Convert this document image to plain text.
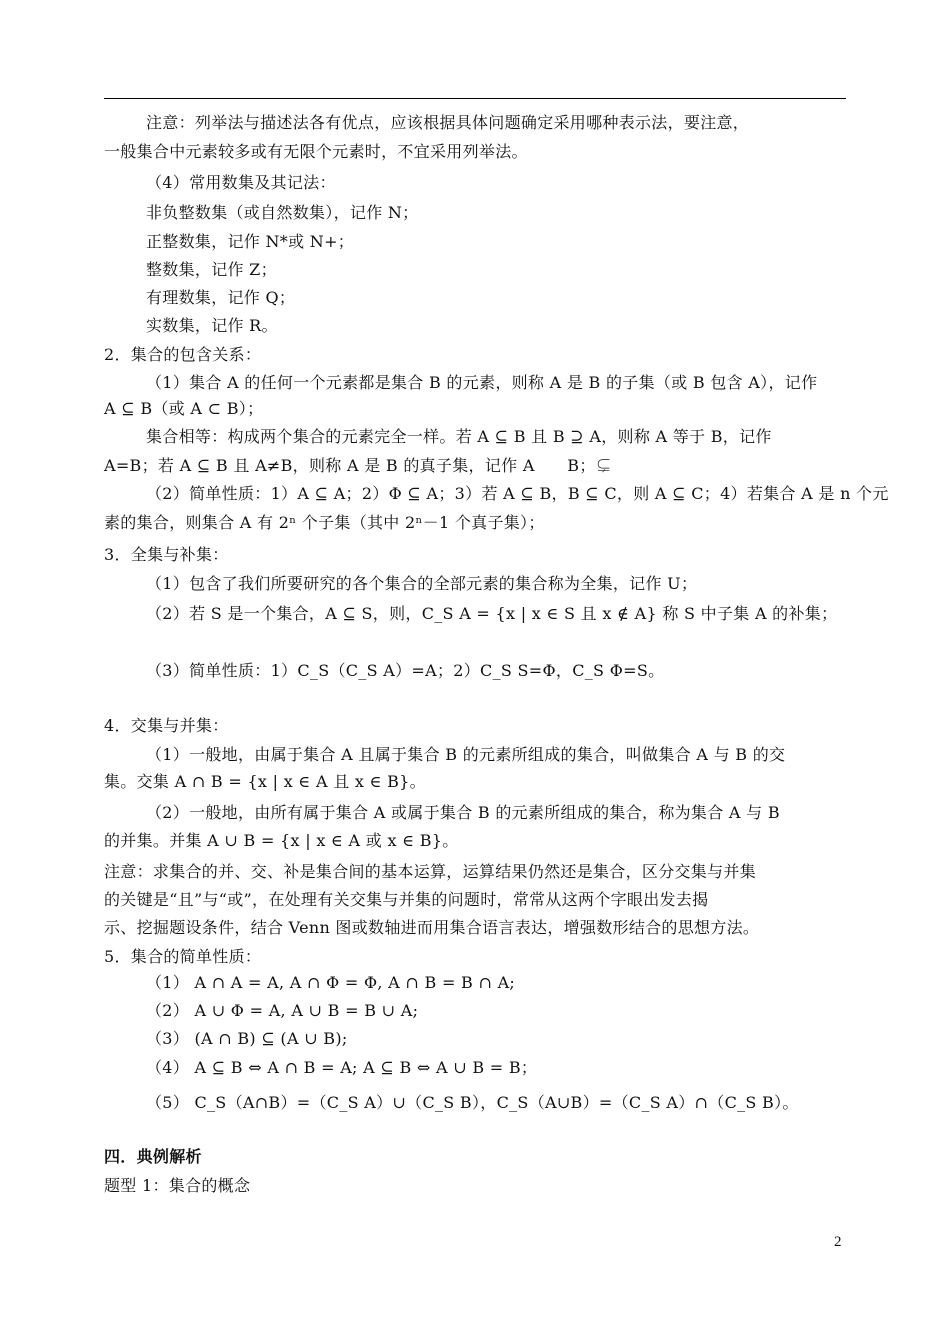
注意：列举法与描述法各有优点，应该根据具体问题确定采用哪种表示法，要注意，
一般集合中元素较多或有无限个元素时，不宜采用列举法。
（4）常用数集及其记法：
非负整数集（或自然数集），记作 N；
正整数集，记作 N*或 N+；
整数集，记作 Z；
有理数集，记作 Q；
实数集，记作 R。
2．集合的包含关系：
（1）集合 A 的任何一个元素都是集合 B 的元素，则称 A 是 B 的子集（或 B 包含 A），记作
A ⊆ B（或 A ⊂ B）；
集合相等：构成两个集合的元素完全一样。若 A ⊆ B 且 B ⊇ A，则称 A 等于 B，记作
A=B；若 A ⊆ B 且 A≠B，则称 A 是 B 的真子集，记作 A　　B；⊊
（2）简单性质：1）A ⊆ A；2）Φ ⊆ A；3）若 A ⊆ B，B ⊆ C，则 A ⊆ C；4）若集合 A 是 n 个元
素的集合，则集合 A 有 2ⁿ 个子集（其中 2ⁿ－1 个真子集）；
3．全集与补集：
（1）包含了我们所要研究的各个集合的全部元素的集合称为全集，记作 U；
（2）若 S 是一个集合，A ⊆ S，则，C_S A = {x | x ∈ S 且 x ∉ A} 称 S 中子集 A 的补集；
（3）简单性质：1）C_S（C_S A）=A；2）C_S S=Φ，C_S Φ=S。
4．交集与并集：
（1）一般地，由属于集合 A 且属于集合 B 的元素所组成的集合，叫做集合 A 与 B 的交
集。交集 A ∩ B = {x | x ∈ A 且 x ∈ B}。
（2）一般地，由所有属于集合 A 或属于集合 B 的元素所组成的集合，称为集合 A 与 B
的并集。并集 A ∪ B = {x | x ∈ A 或 x ∈ B}。
注意：求集合的并、交、补是集合间的基本运算，运算结果仍然还是集合，区分交集与并集
的关键是“且”与“或”，在处理有关交集与并集的问题时，常常从这两个字眼出发去揭
示、挖掘题设条件，结合 Venn 图或数轴进而用集合语言表达，增强数形结合的思想方法。
5．集合的简单性质：
（1） A ∩ A = A, A ∩ Φ = Φ, A ∩ B = B ∩ A;
（2） A ∪ Φ = A, A ∪ B = B ∪ A;
（3） (A ∩ B) ⊆ (A ∪ B);
（4） A ⊆ B ⇔ A ∩ B = A; A ⊆ B ⇔ A ∪ B = B；
（5） C_S（A∩B）=（C_S A）∪（C_S B），C_S（A∪B）=（C_S A）∩（C_S B）。
四．典例解析
题型 1：集合的概念
2
